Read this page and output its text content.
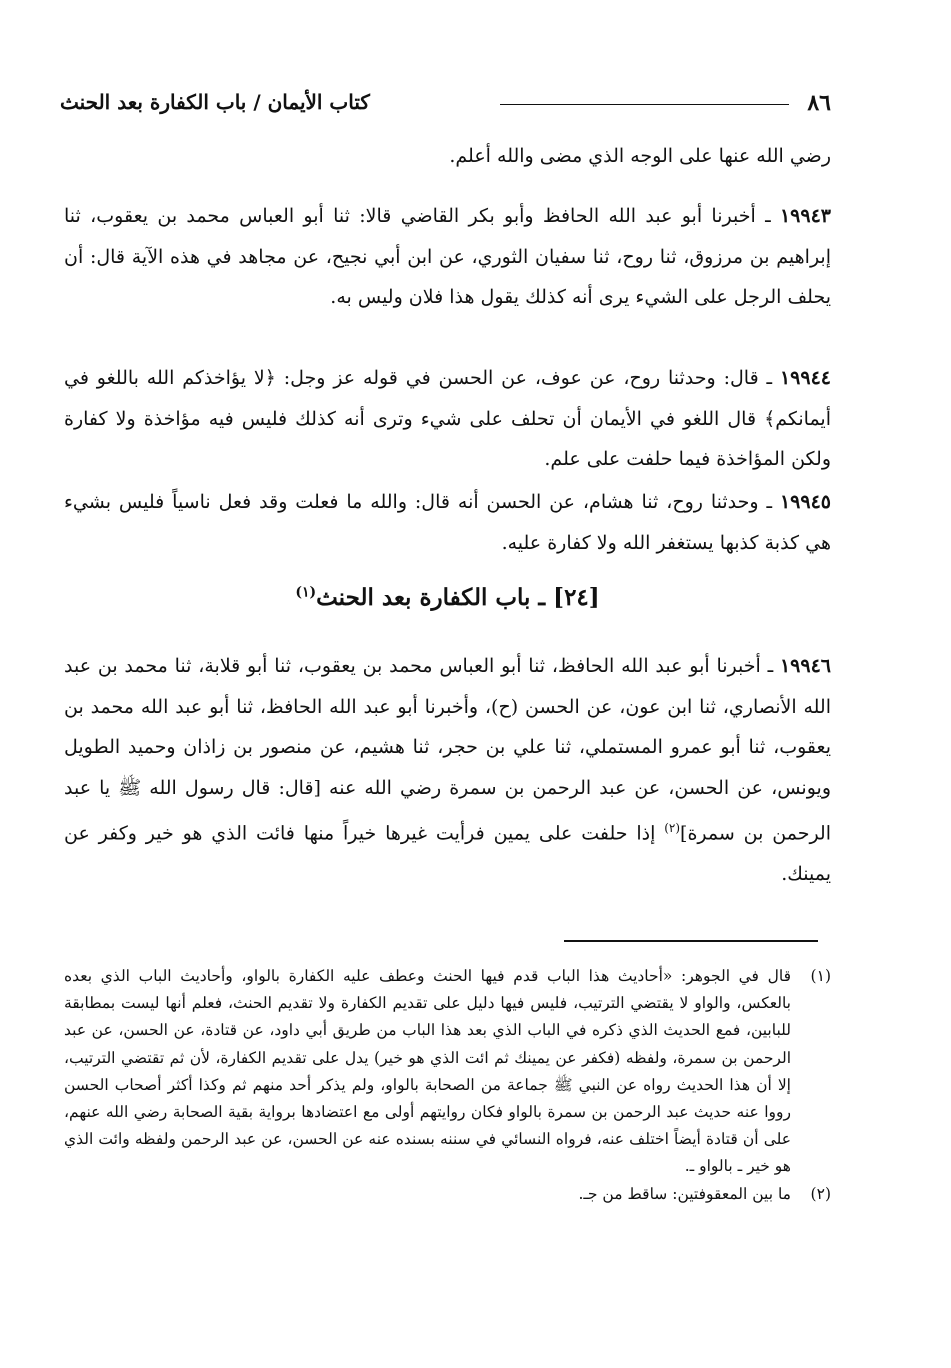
٨٦
كتاب الأيمان / باب الكفارة بعد الحنث

رضي الله عنها على الوجه الذي مضى والله أعلم.

١٩٩٤٣ ـ أخبرنا أبو عبد الله الحافظ وأبو بكر القاضي قالا: ثنا أبو العباس محمد بن يعقوب، ثنا إبراهيم بن مرزوق، ثنا روح، ثنا سفيان الثوري، عن ابن أبي نجيح، عن مجاهد في هذه الآية قال: أن يحلف الرجل على الشيء يرى أنه كذلك يقول هذا فلان وليس به.

١٩٩٤٤ ـ قال: وحدثنا روح، عن عوف، عن الحسن في قوله عز وجل: ﴿لا يؤاخذكم الله باللغو في أيمانكم﴾ قال اللغو في الأيمان أن تحلف على شيء وترى أنه كذلك فليس فيه مؤاخذة ولا كفارة ولكن المؤاخذة فيما حلفت على علم.

١٩٩٤٥ ـ وحدثنا روح، ثنا هشام، عن الحسن أنه قال: والله ما فعلت وقد فعل ناسياً فليس بشيء هي كذبة كذبها يستغفر الله ولا كفارة عليه.

[٢٤] ـ باب الكفارة بعد الحنث$^{(١)}$

١٩٩٤٦ ـ أخبرنا أبو عبد الله الحافظ، ثنا أبو العباس محمد بن يعقوب، ثنا أبو قلابة، ثنا محمد بن عبد الله الأنصاري، ثنا ابن عون، عن الحسن (ح)، وأخبرنا أبو عبد الله الحافظ، ثنا أبو عبد الله محمد بن يعقوب، ثنا أبو عمرو المستملي، ثنا علي بن حجر، ثنا هشيم، عن منصور بن زاذان وحميد الطويل ويونس، عن الحسن، عن عبد الرحمن بن سمرة رضي الله عنه [قال: قال رسول الله ﷺ يا عبد الرحمن بن سمرة]$^{(٢)}$ إذا حلفت على يمين فرأيت غيرها خيراً منها فائت الذي هو خير وكفر عن يمينك.

(١)
قال في الجوهر: «أحاديث هذا الباب قدم فيها الحنث وعطف عليه الكفارة بالواو، وأحاديث الباب الذي بعده بالعكس، والواو لا يقتضي الترتيب، فليس فيها دليل على تقديم الكفارة ولا تقديم الحنث، فعلم أنها ليست بمطابقة للبابين، فمع الحديث الذي ذكره في الباب الذي بعد هذا الباب من طريق أبي داود، عن قتادة، عن الحسن، عن عبد الرحمن بن سمرة، ولفظه (فكفر عن يمينك ثم ائت الذي هو خير) يدل على تقديم الكفارة، لأن ثم تقتضي الترتيب، إلا أن هذا الحديث رواه عن النبي ﷺ جماعة من الصحابة بالواو، ولم يذكر أحد منهم ثم وكذا أكثر أصحاب الحسن رووا عنه حديث عبد الرحمن بن سمرة بالواو فكان روايتهم أولى مع اعتضادها برواية بقية الصحابة رضي الله عنهم، على أن قتادة أيضاً اختلف عنه، فرواه النسائي في سننه بسنده عنه عن الحسن، عن عبد الرحمن ولفظه وائت الذي هو خير ـ بالواو ـ.

(٢)
ما بين المعقوفتين: ساقط من جـ.
